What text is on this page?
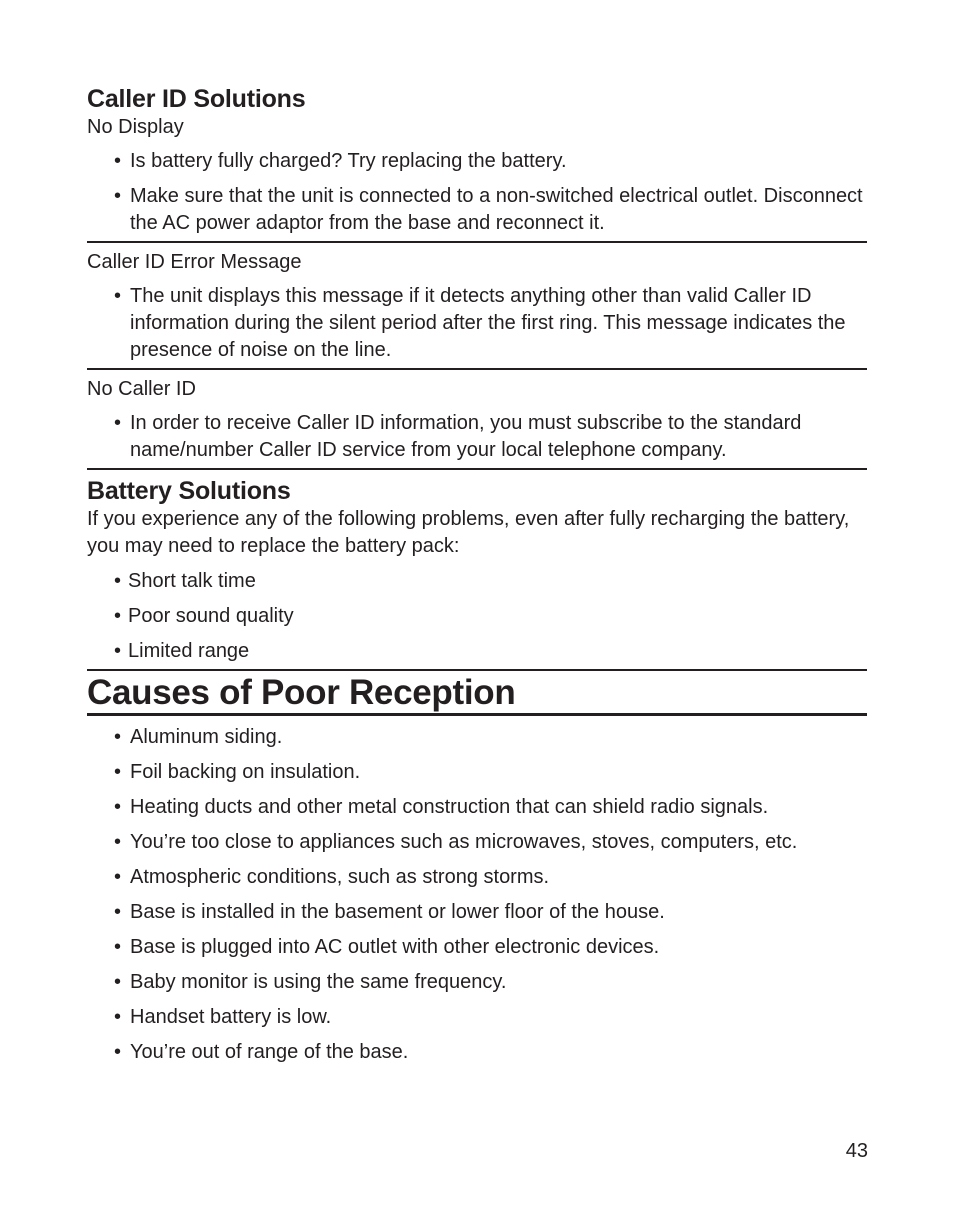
Caller ID Solutions

No Display

• Is battery fully charged? Try replacing the battery.
• Make sure that the unit is connected to a non-switched electrical outlet. Disconnect the AC power adaptor from the base and reconnect it.

Caller ID Error Message

• The unit displays this message if it detects anything other than valid Caller ID information during the silent period after the first ring. This message indicates the presence of noise on the line.

No Caller ID

• In order to receive Caller ID information, you must subscribe to the standard name/number Caller ID service from your local telephone company.
Battery Solutions

If you experience any of the following problems, even after fully recharging the battery, you may need to replace the battery pack:

• Short talk time
• Poor sound quality
• Limited range
Causes of Poor Reception
• Aluminum siding.
• Foil backing on insulation.
• Heating ducts and other metal construction that can shield radio signals.
• You’re too close to appliances such as microwaves, stoves, computers, etc.
• Atmospheric conditions, such as strong storms.
• Base is installed in the basement or lower floor of the house.
• Base is plugged into AC outlet with other electronic devices.
• Baby monitor is using the same frequency.
• Handset battery is low.
• You’re out of range of the base.
43
